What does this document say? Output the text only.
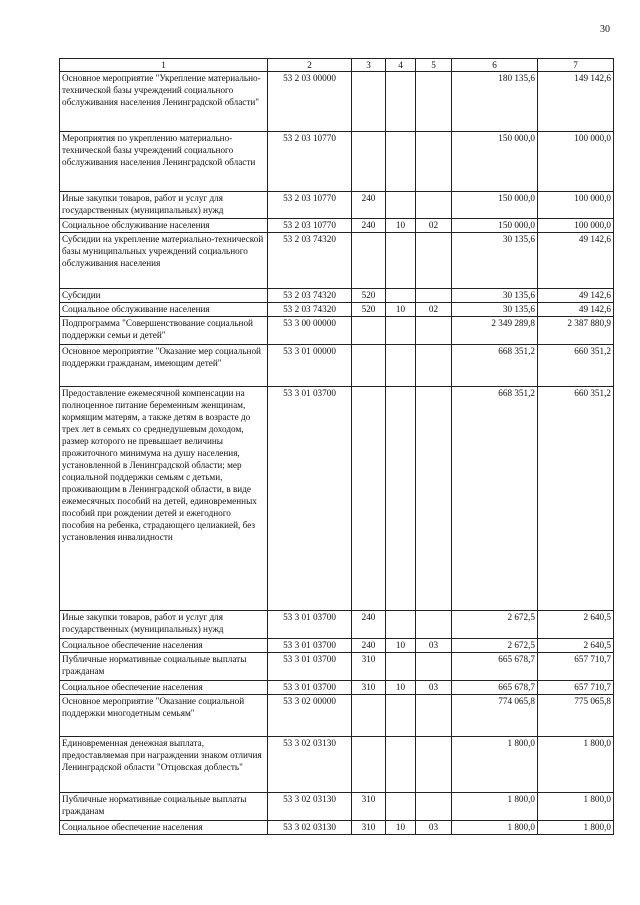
30
1	2	3	4	5	6	7
Основное мероприятие "Укрепление материально- технической базы учреждений социального обслуживания населения Ленинградской области"	53 2 03 00000				180 135,6	149 142,6
Мероприятия по укреплению материально-технической базы учреждений социального обслуживания населения Ленинградской области	53 2 03 10770				150 000,0	100 000,0
Иные закупки товаров, работ и услуг для государственных (муниципальных) нужд	53 2 03 10770	240			150 000,0	100 000,0
Социальное обслуживание населения	53 2 03 10770	240	10	02	150 000,0	100 000,0
Субсидии на укрепление материально-технической базы муниципальных учреждений социального обслуживания населения	53 2 03 74320				30 135,6	49 142,6
Субсидии	53 2 03 74320	520			30 135,6	49 142,6
Социальное обслуживание населения	53 2 03 74320	520	10	02	30 135,6	49 142,6
Подпрограмма "Совершенствование социальной поддержки семьи и детей"	53 3 00 00000				2 349 289,8	2 387 880,9
Основное мероприятие "Оказание мер социальной поддержки гражданам, имеющим детей"	53 3 01 00000				668 351,2	660 351,2
Предоставление ежемесячной компенсации на полноценное питание беременным женщинам, кормящим матерям, а также детям в возрасте до трех лет в семьях со среднедушевым доходом, размер которого не превышает величины прожиточного минимума на душу населения, установленной в Ленинградской области; мер социальной поддержки семьям с детьми, проживающим в Ленинградской области, в виде ежемесячных пособий на детей, единовременных пособий при рождении детей и ежегодного пособия на ребенка, страдающего целиакией, без установления инвалидности	53 3 01 03700				668 351,2	660 351,2
Иные закупки товаров, работ и услуг для государственных (муниципальных) нужд	53 3 01 03700	240			2 672,5	2 640,5
Социальное обеспечение населения	53 3 01 03700	240	10	03	2 672,5	2 640,5
Публичные нормативные социальные выплаты гражданам	53 3 01 03700	310			665 678,7	657 710,7
Социальное обеспечение населения	53 3 01 03700	310	10	03	665 678,7	657 710,7
Основное мероприятие "Оказание социальной поддержки многодетным семьям"	53 3 02 00000				774 065,8	775 065,8
Единовременная денежная выплата, предоставляемая при награждении знаком отличия Ленинградской области "Отцовская доблесть"	53 3 02 03130				1 800,0	1 800,0
Публичные нормативные социальные выплаты гражданам	53 3 02 03130	310			1 800,0	1 800,0
Социальное обеспечение населения	53 3 02 03130	310	10	03	1 800,0	1 800,0
